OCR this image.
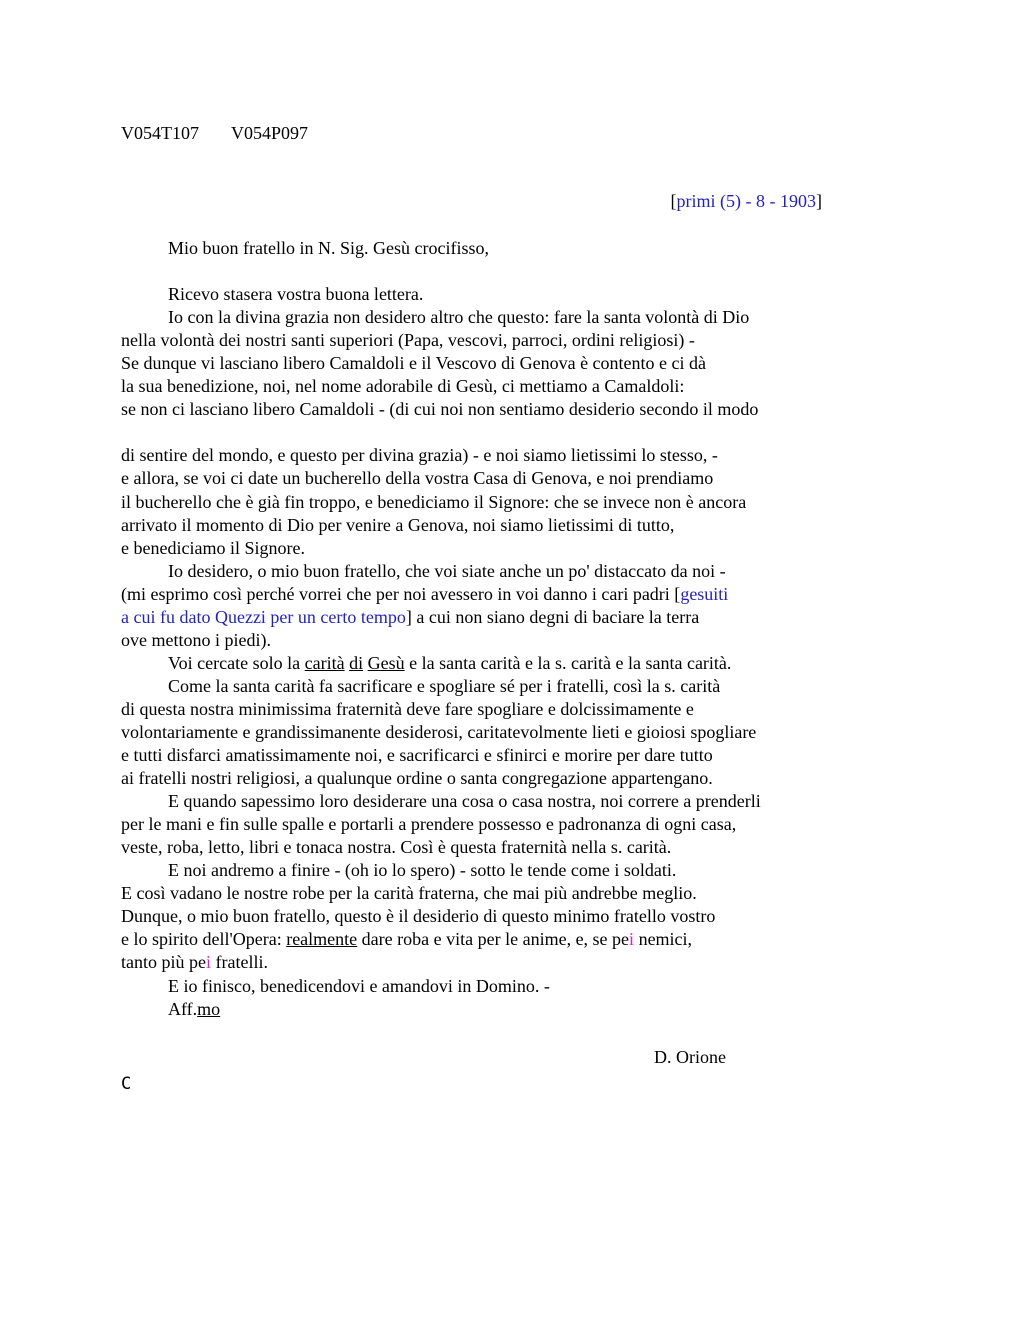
V054T107 V054P097
[primi (5) - 8 - 1903]
Mio buon fratello in N. Sig. Gesù crocifisso,
Ricevo stasera vostra buona lettera.
Io con la divina grazia non desidero altro che questo: fare la santa volontà di Dio
nella volontà dei nostri santi superiori (Papa, vescovi, parroci, ordini religiosi) -
Se dunque vi lasciano libero Camaldoli e il Vescovo di Genova è contento e ci dà
la sua benedizione, noi, nel nome adorabile di Gesù, ci mettiamo a Camaldoli:
se non ci lasciano libero Camaldoli - (di cui noi non sentiamo desiderio secondo il modo
di sentire del mondo, e questo per divina grazia) - e noi siamo lietissimi lo stesso, -
e allora, se voi ci date un bucherello della vostra Casa di Genova, e noi prendiamo
il bucherello che è già fin troppo, e benediciamo il Signore: che se invece non è ancora
arrivato il momento di Dio per venire a Genova, noi siamo lietissimi di tutto,
e benediciamo il Signore.
Io desidero, o mio buon fratello, che voi siate anche un po' distaccato da noi -
(mi esprimo così perché vorrei che per noi avessero in voi danno i cari padri [gesuiti
a cui fu dato Quezzi per un certo tempo] a cui non siano degni di baciare la terra
ove mettono i piedi).
Voi cercate solo la carità di Gesù e la santa carità e la s. carità e la santa carità.
Come la santa carità fa sacrificare e spogliare sé per i fratelli, così la s. carità
di questa nostra minimissima fraternità deve fare spogliare e dolcissimamente e
volontariamente e grandissimanente desiderosi, caritatevolmente lieti e gioiosi spogliare
e tutti disfarci amatissimamente noi, e sacrificarci e sfinirci e morire per dare tutto
ai fratelli nostri religiosi, a qualunque ordine o santa congregazione appartengano.
E quando sapessimo loro desiderare una cosa o casa nostra, noi correre a prenderli
per le mani e fin sulle spalle e portarli a prendere possesso e padronanza di ogni casa,
veste, roba, letto, libri e tonaca nostra. Così è questa fraternità nella s. carità.
E noi andremo a finire - (oh io lo spero) - sotto le tende come i soldati.
E così vadano le nostre robe per la carità fraterna, che mai più andrebbe meglio.
Dunque, o mio buon fratello, questo è il desiderio di questo minimo fratello vostro
e lo spirito dell'Opera: realmente dare roba e vita per le anime, e, se pei nemici,
tanto più pei fratelli.
E io finisco, benedicendovi e amandovi in Domino. -
Aff.mo
D. Orione
C
